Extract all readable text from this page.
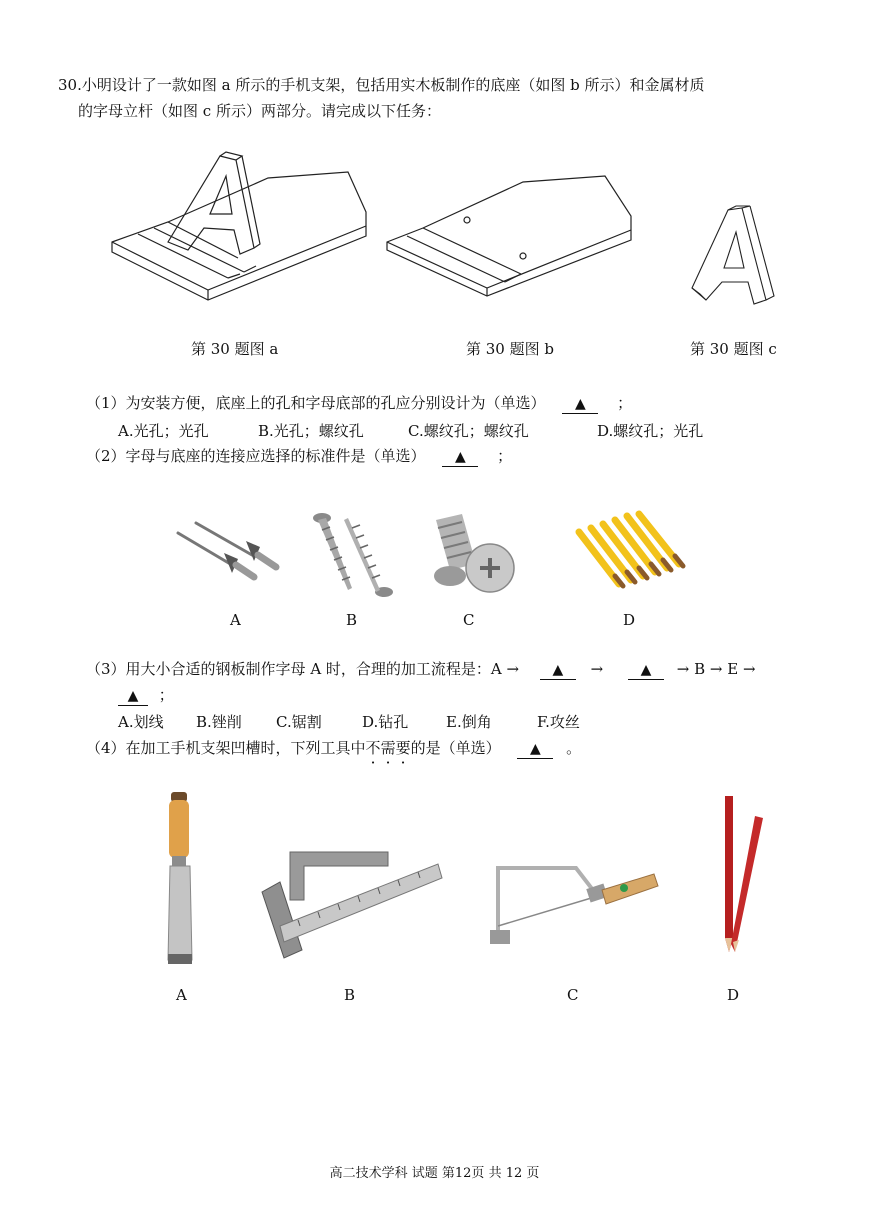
30.小明设计了一款如图 a 所示的手机支架，包括用实木板制作的底座（如图 b 所示）和金属材质
的字母立杆（如图 c 所示）两部分。请完成以下任务：
第 30 题图 a	第 30 题图 b	第 30 题图 c
（1）为安装方便，底座上的孔和字母底部的孔应分别设计为（单选） ▲ ；
A.光孔；光孔	B.光孔；螺纹孔	C.螺纹孔；螺纹孔	D.螺纹孔；光孔
（2）字母与底座的连接应选择的标准件是（单选） ▲ ；
A	B	C	D
（3）用大小合适的钢板制作字母 A 时，合理的加工流程是：A → ▲ →	▲ → B → E →
▲ ；
A.划线 B.锉削 C.锯割	D.钻孔	E.倒角	F.攻丝
（4）在加工手机支架凹槽时，下列工具中不需要的是（单选） ▲ 。
A	B	C	D
高二技术学科 试题 第12页 共 12 页
